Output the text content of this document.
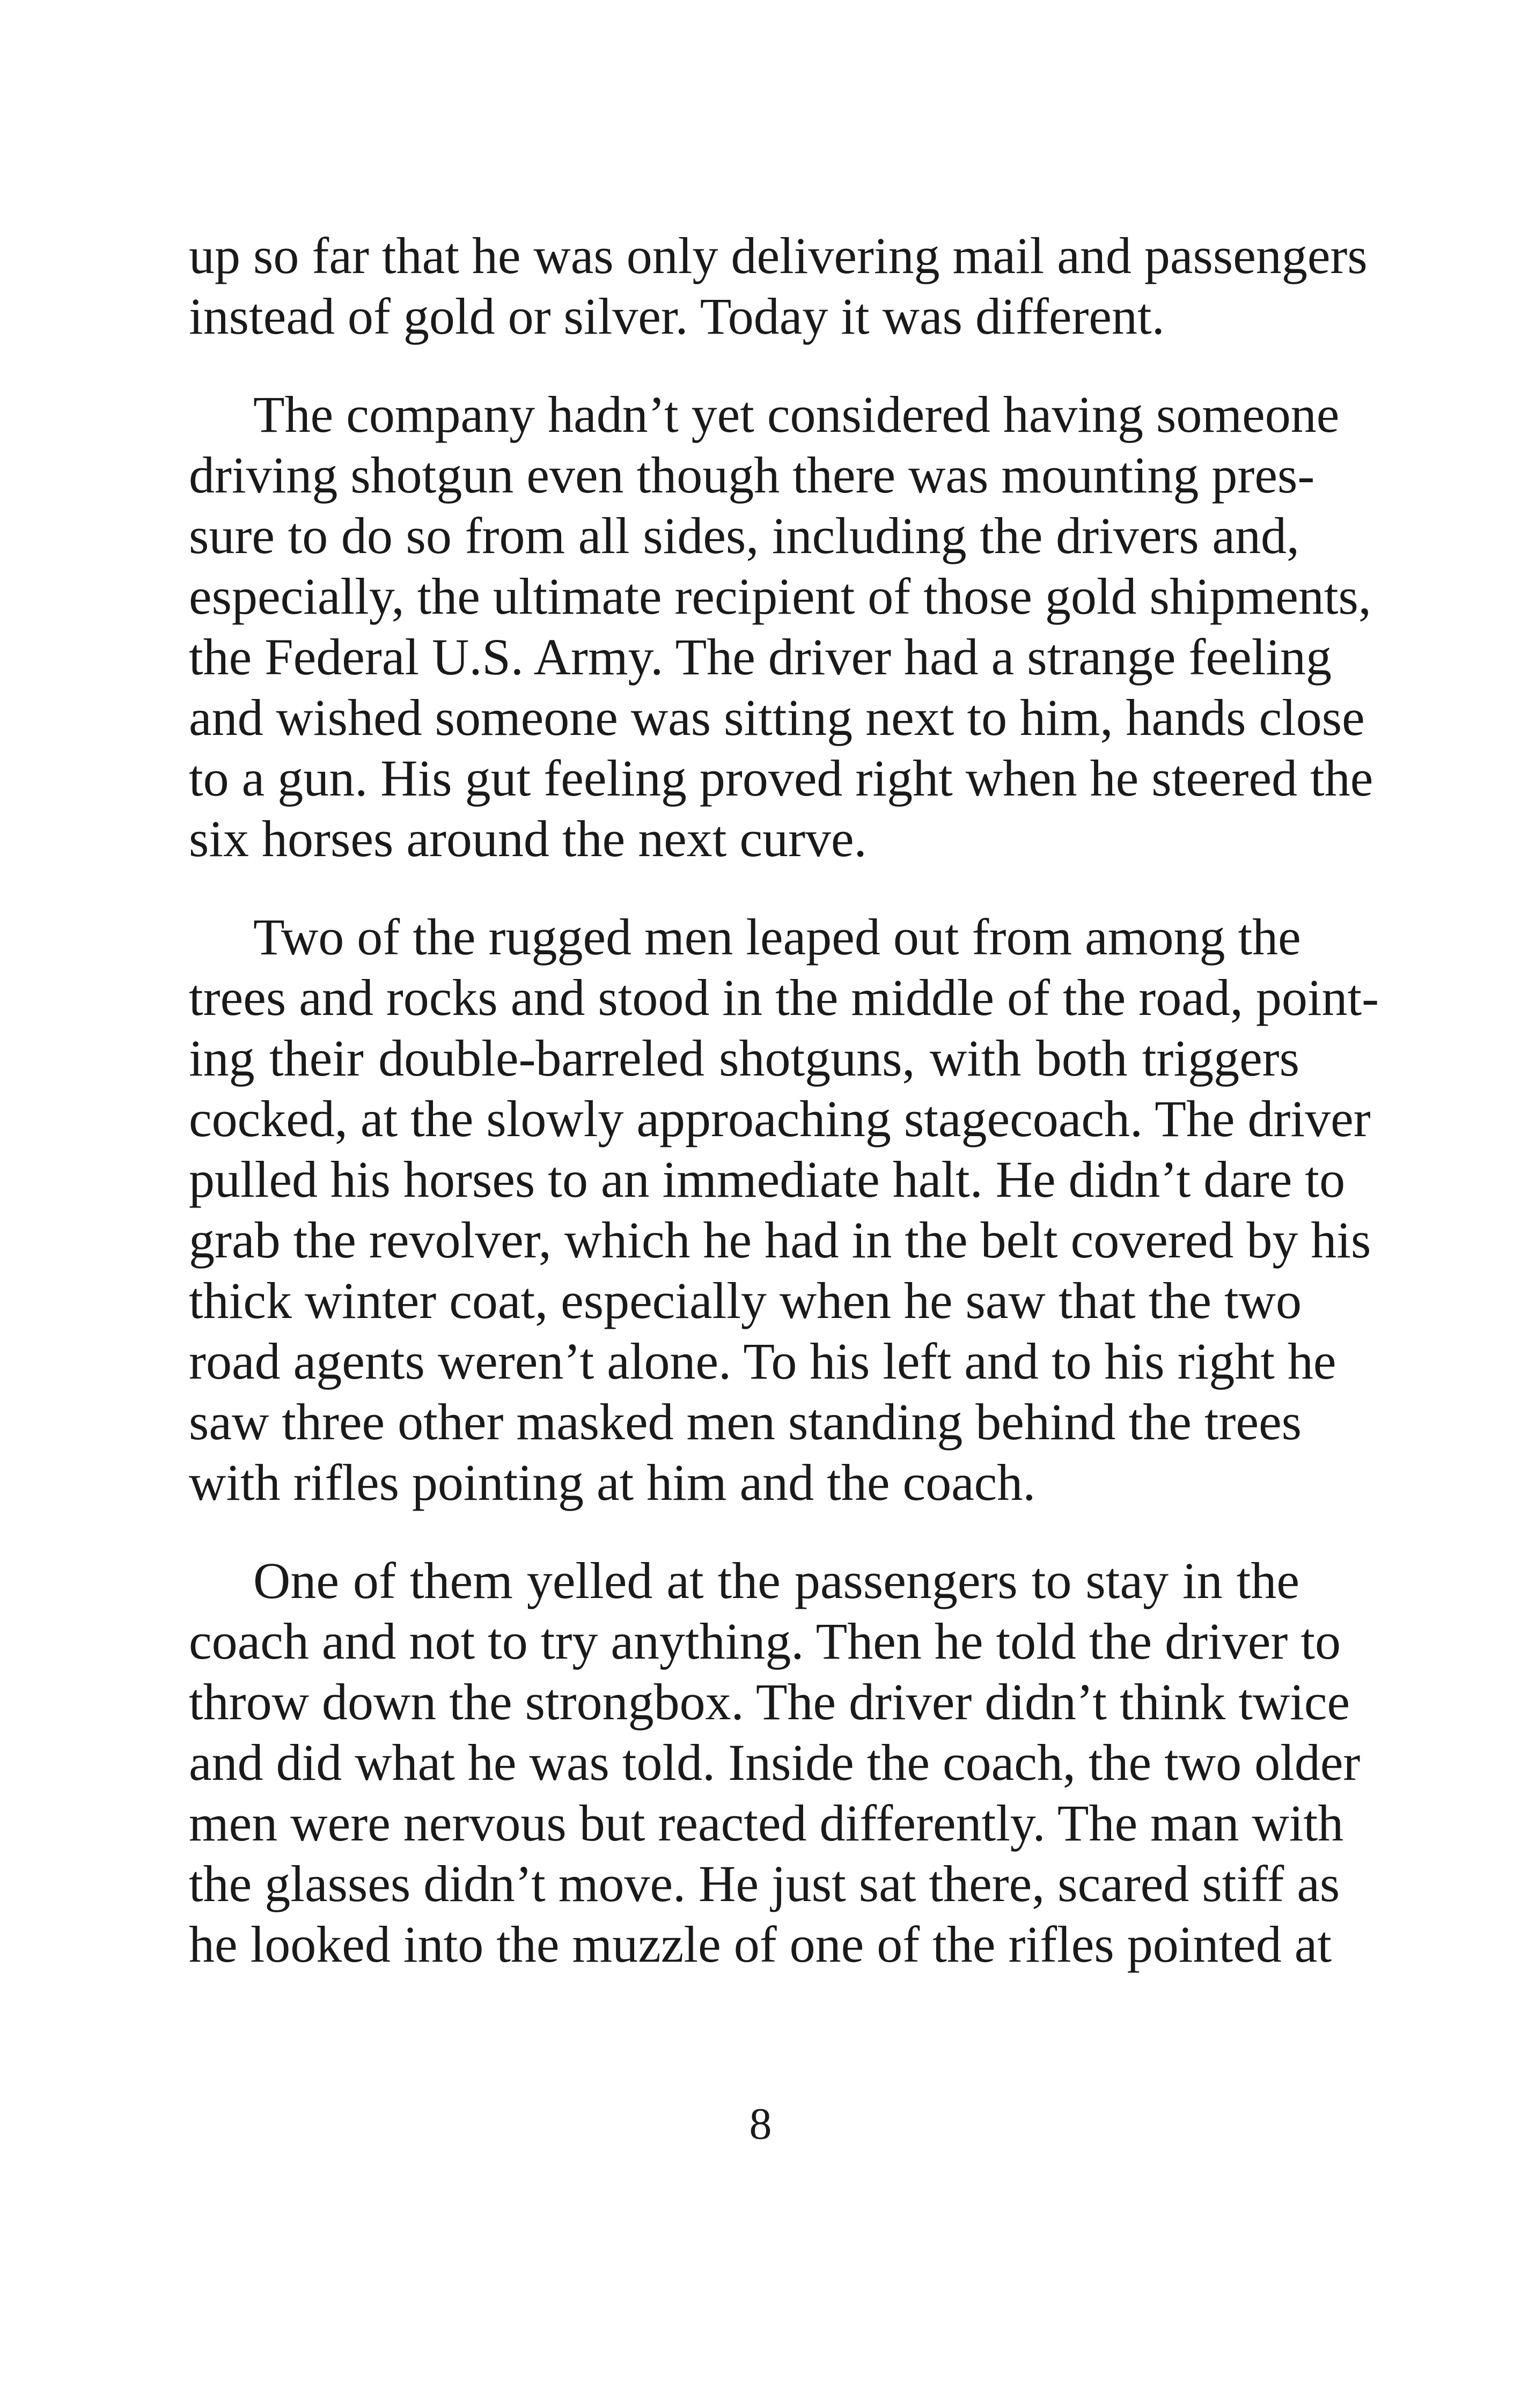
up so far that he was only delivering mail and passengers
instead of gold or silver. Today it was different.
The company hadn’t yet considered having someone
driving shotgun even though there was mounting pres-
sure to do so from all sides, including the drivers and,
especially, the ultimate recipient of those gold shipments,
the Federal U.S. Army. The driver had a strange feeling
and wished someone was sitting next to him, hands close
to a gun. His gut feeling proved right when he steered the
six horses around the next curve.
Two of the rugged men leaped out from among the
trees and rocks and stood in the middle of the road, point-
ing their double-barreled shotguns, with both triggers
cocked, at the slowly approaching stagecoach. The driver
pulled his horses to an immediate halt. He didn’t dare to
grab the revolver, which he had in the belt covered by his
thick winter coat, especially when he saw that the two
road agents weren’t alone. To his left and to his right he
saw three other masked men standing behind the trees
with rifles pointing at him and the coach.
One of them yelled at the passengers to stay in the
coach and not to try anything. Then he told the driver to
throw down the strongbox. The driver didn’t think twice
and did what he was told. Inside the coach, the two older
men were nervous but reacted differently. The man with
the glasses didn’t move. He just sat there, scared stiff as
he looked into the muzzle of one of the rifles pointed at
8
